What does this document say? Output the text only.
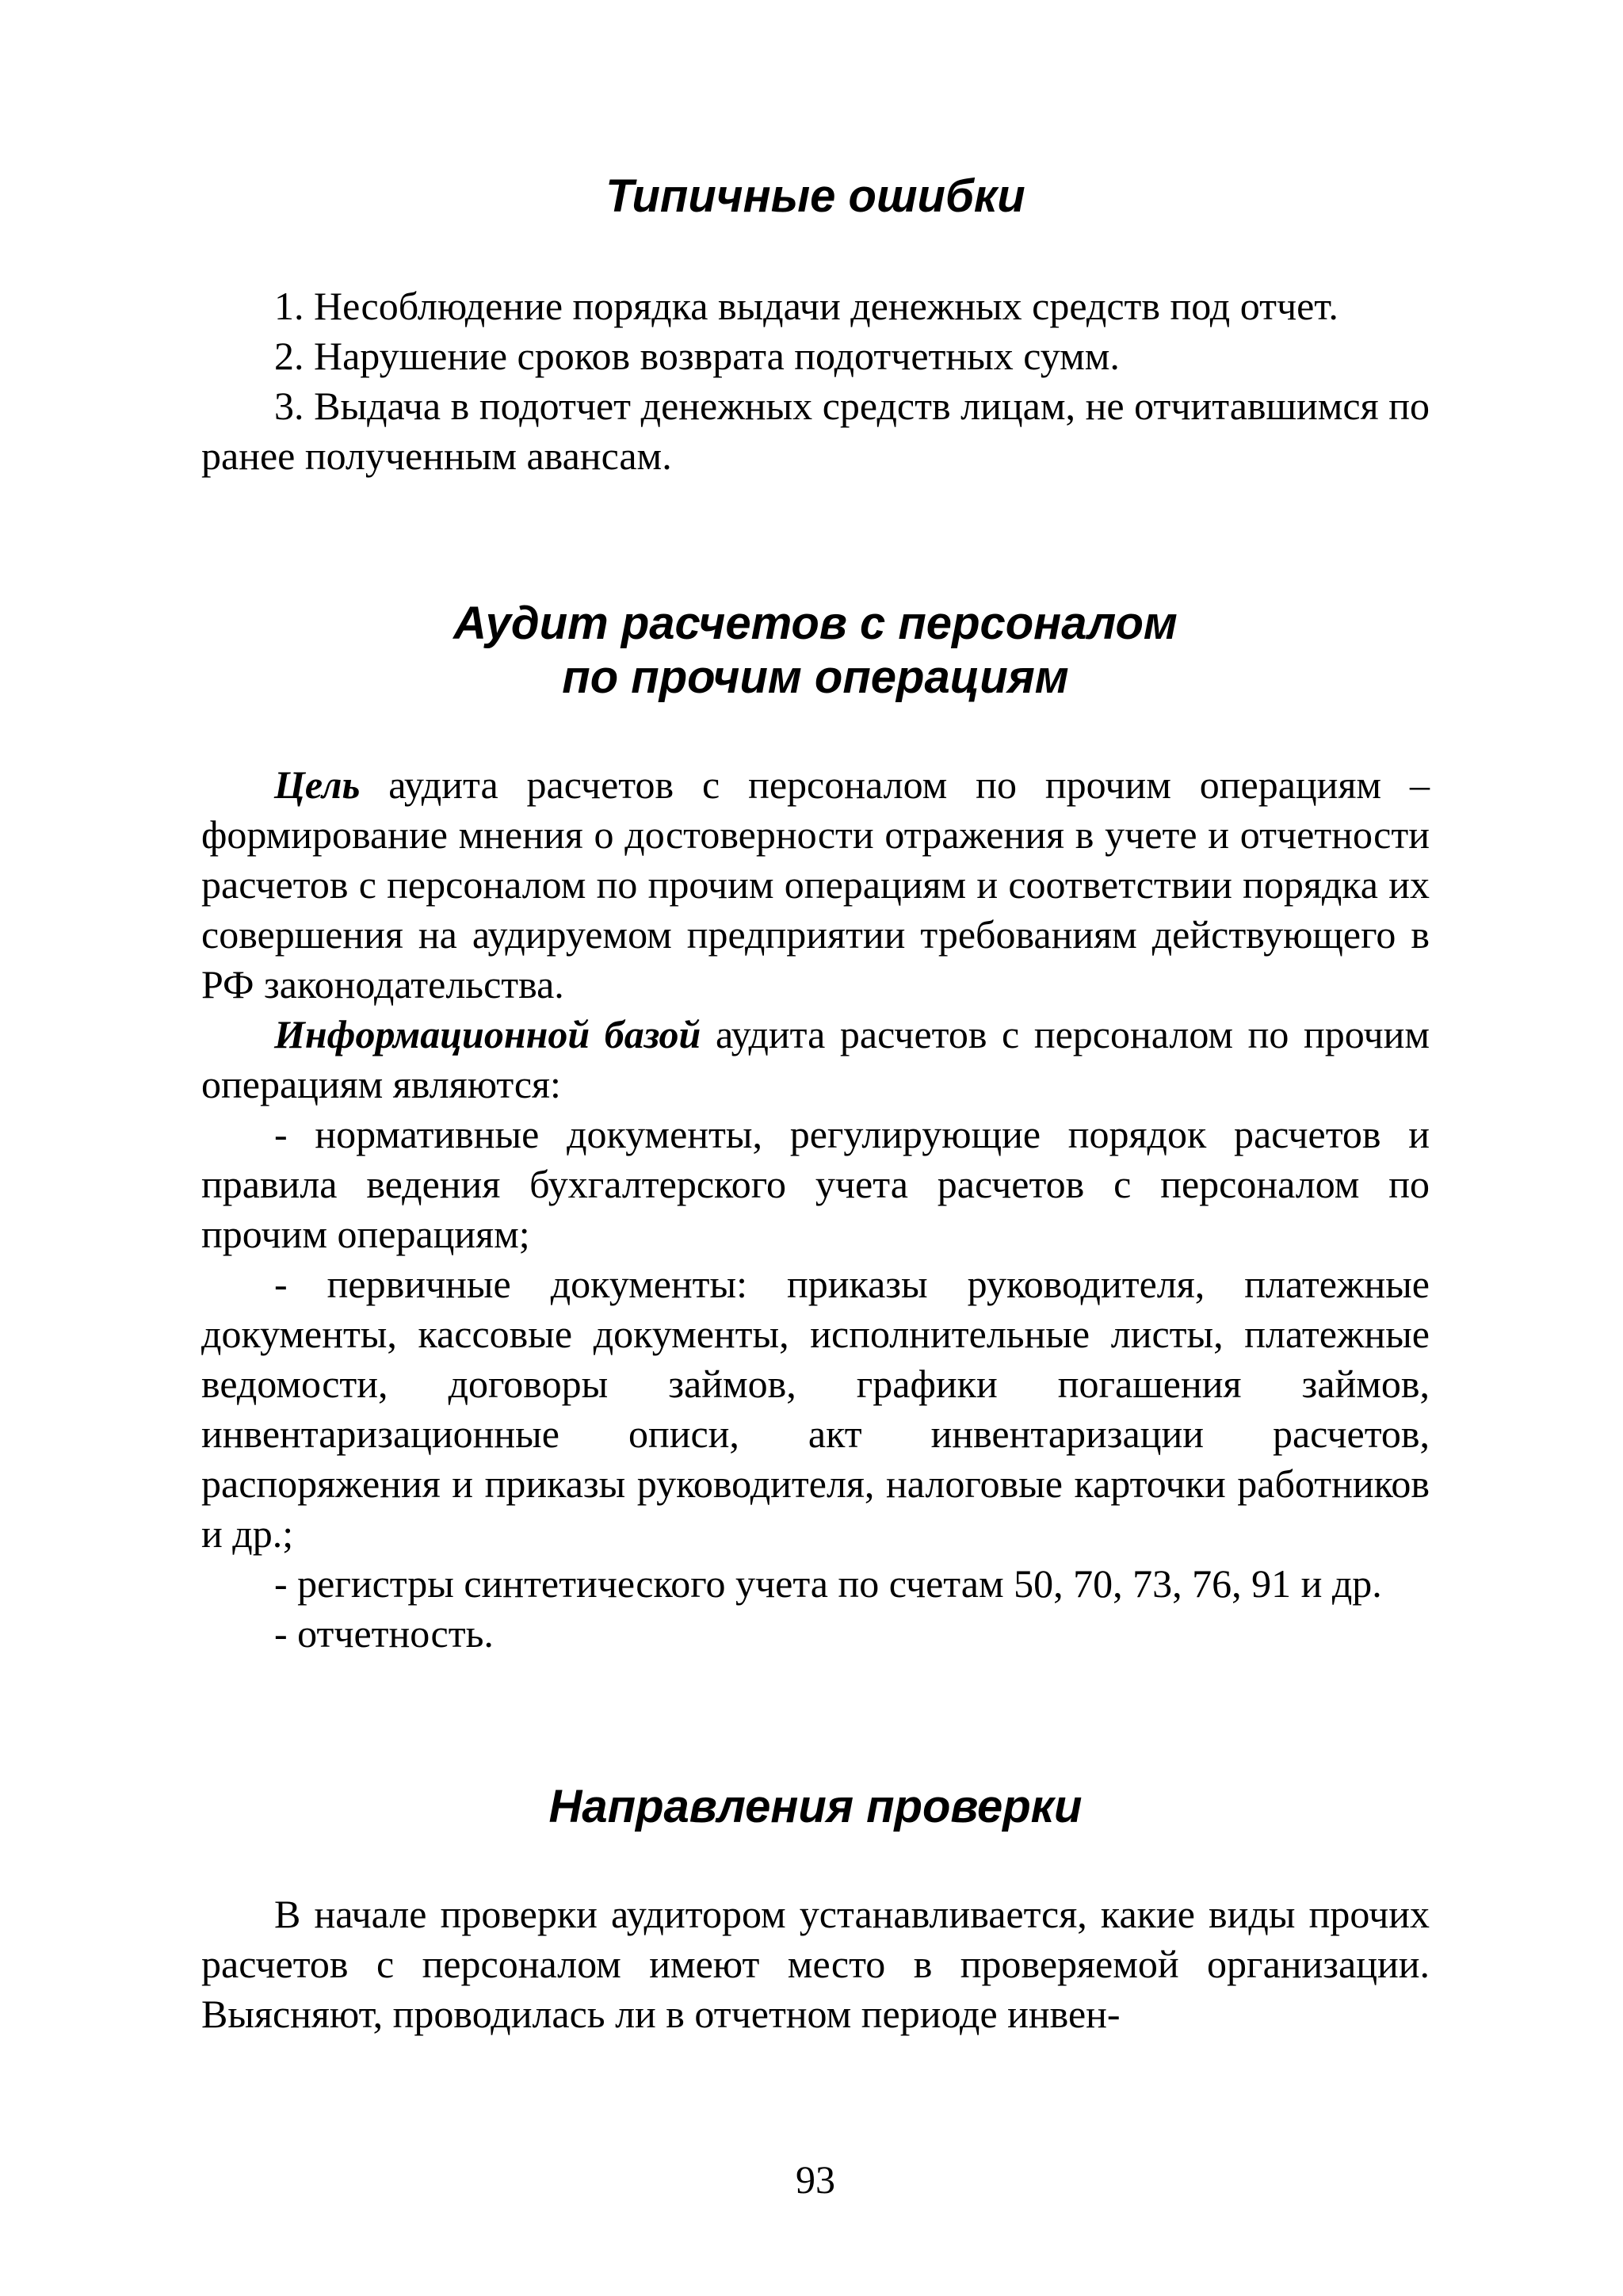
Типичные ошибки

1. Несоблюдение порядка выдачи денежных средств под отчет.

2. Нарушение сроков возврата подотчетных сумм.

3. Выдача в подотчет денежных средств лицам, не отчитавшимся по ранее полученным авансам.

Аудит расчетов с персоналом
по прочим операциям

Цель аудита расчетов с персоналом по прочим операциям – формирование мнения о достоверности отражения в учете и отчетности расчетов с персоналом по прочим операциям и соответствии порядка их совершения на аудируемом предприятии требованиям действующего в РФ законодательства.

Информационной базой аудита расчетов с персоналом по прочим операциям являются:

- нормативные документы, регулирующие порядок расчетов и правила ведения бухгалтерского учета расчетов с персоналом по прочим операциям;

- первичные документы: приказы руководителя, платежные документы, кассовые документы, исполнительные листы, платежные ведомости, договоры займов, графики погашения займов, инвентаризационные описи, акт инвентаризации расчетов, распоряжения и приказы руководителя, налоговые карточки работников и др.;

- регистры синтетического учета по счетам 50, 70, 73, 76, 91 и др.

- отчетность.

Направления проверки

В начале проверки аудитором устанавливается, какие виды прочих расчетов с персоналом имеют место в проверяемой организации. Выясняют, проводилась ли в отчетном периоде инвен-

93
